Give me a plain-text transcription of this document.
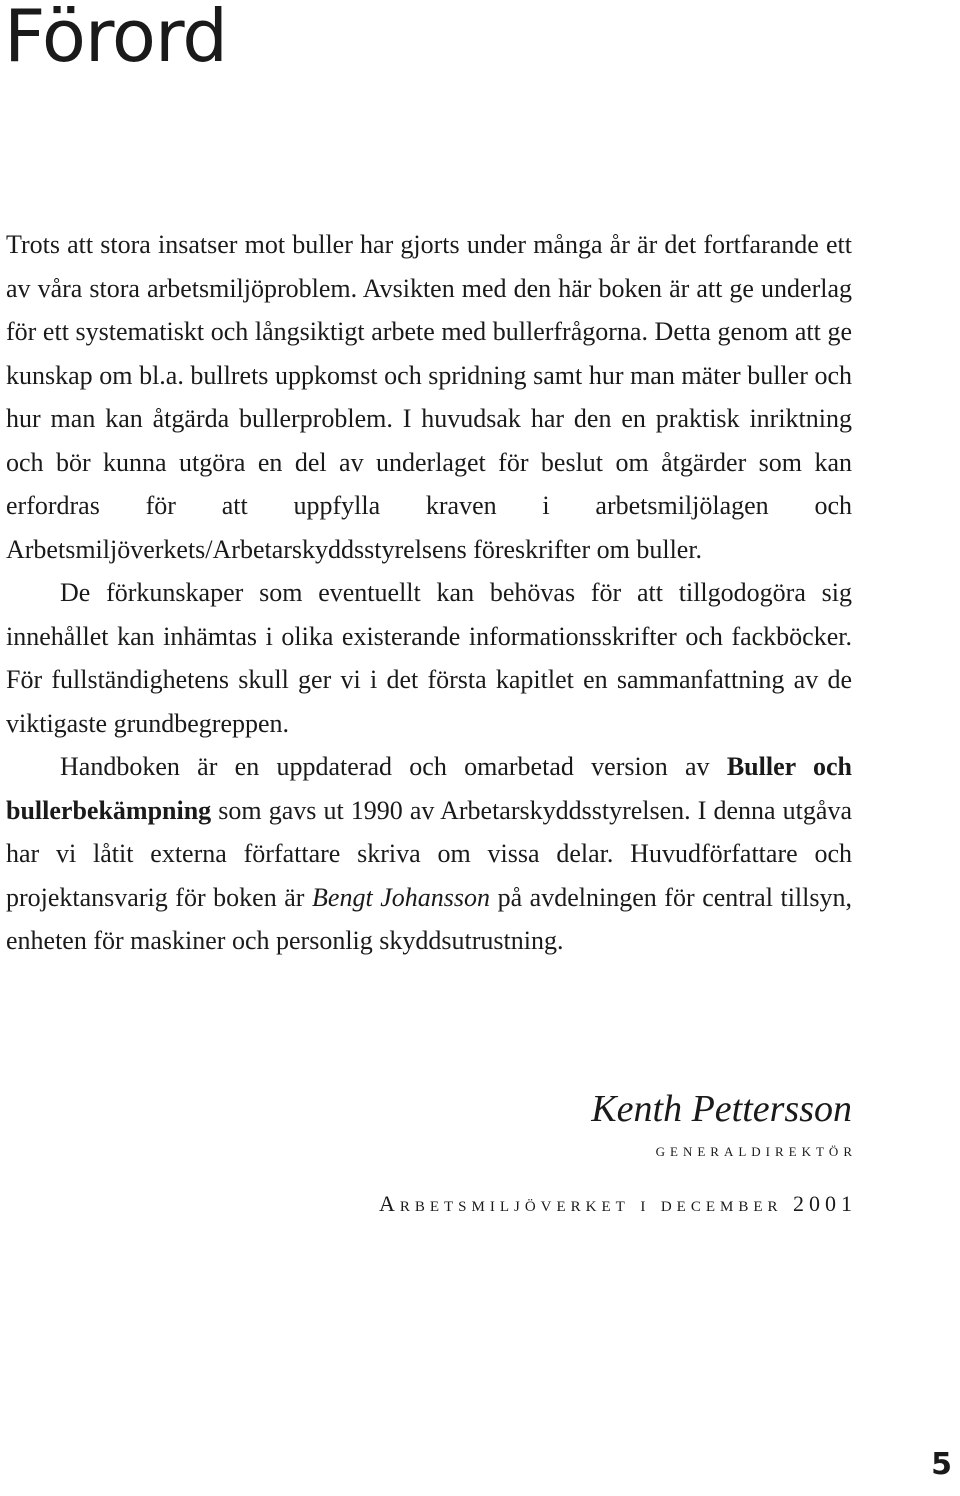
Förord

Trots att stora insatser mot buller har gjorts under många år är det fortfarande ett av våra stora arbetsmiljöproblem. Avsikten med den här boken är att ge underlag för ett systematiskt och långsiktigt arbete med bullerfrågorna. Detta genom att ge kunskap om bl.a. bullrets uppkomst och spridning samt hur man mäter buller och hur man kan åtgärda bullerproblem. I huvudsak har den en praktisk inriktning och bör kunna utgöra en del av underlaget för beslut om åtgärder som kan erfordras för att uppfylla kraven i arbetsmiljölagen och Arbetsmiljöverkets/Arbetarskyddsstyrelsens föreskrifter om buller.

De förkunskaper som eventuellt kan behövas för att tillgodogöra sig innehållet kan inhämtas i olika existerande informationsskrifter och fackböcker. För fullständighetens skull ger vi i det första kapitlet en sammanfattning av de viktigaste grundbegreppen.

Handboken är en uppdaterad och omarbetad version av Buller och bullerbekämpning som gavs ut 1990 av Arbetarskyddsstyrelsen. I denna utgåva har vi låtit externa författare skriva om vissa delar. Huvudförfattare och projektansvarig för boken är Bengt Johansson på avdelningen för central tillsyn, enheten för maskiner och personlig skyddsutrustning.

Kenth Pettersson
generaldirektör
Arbetsmiljöverket i december 2001
5
